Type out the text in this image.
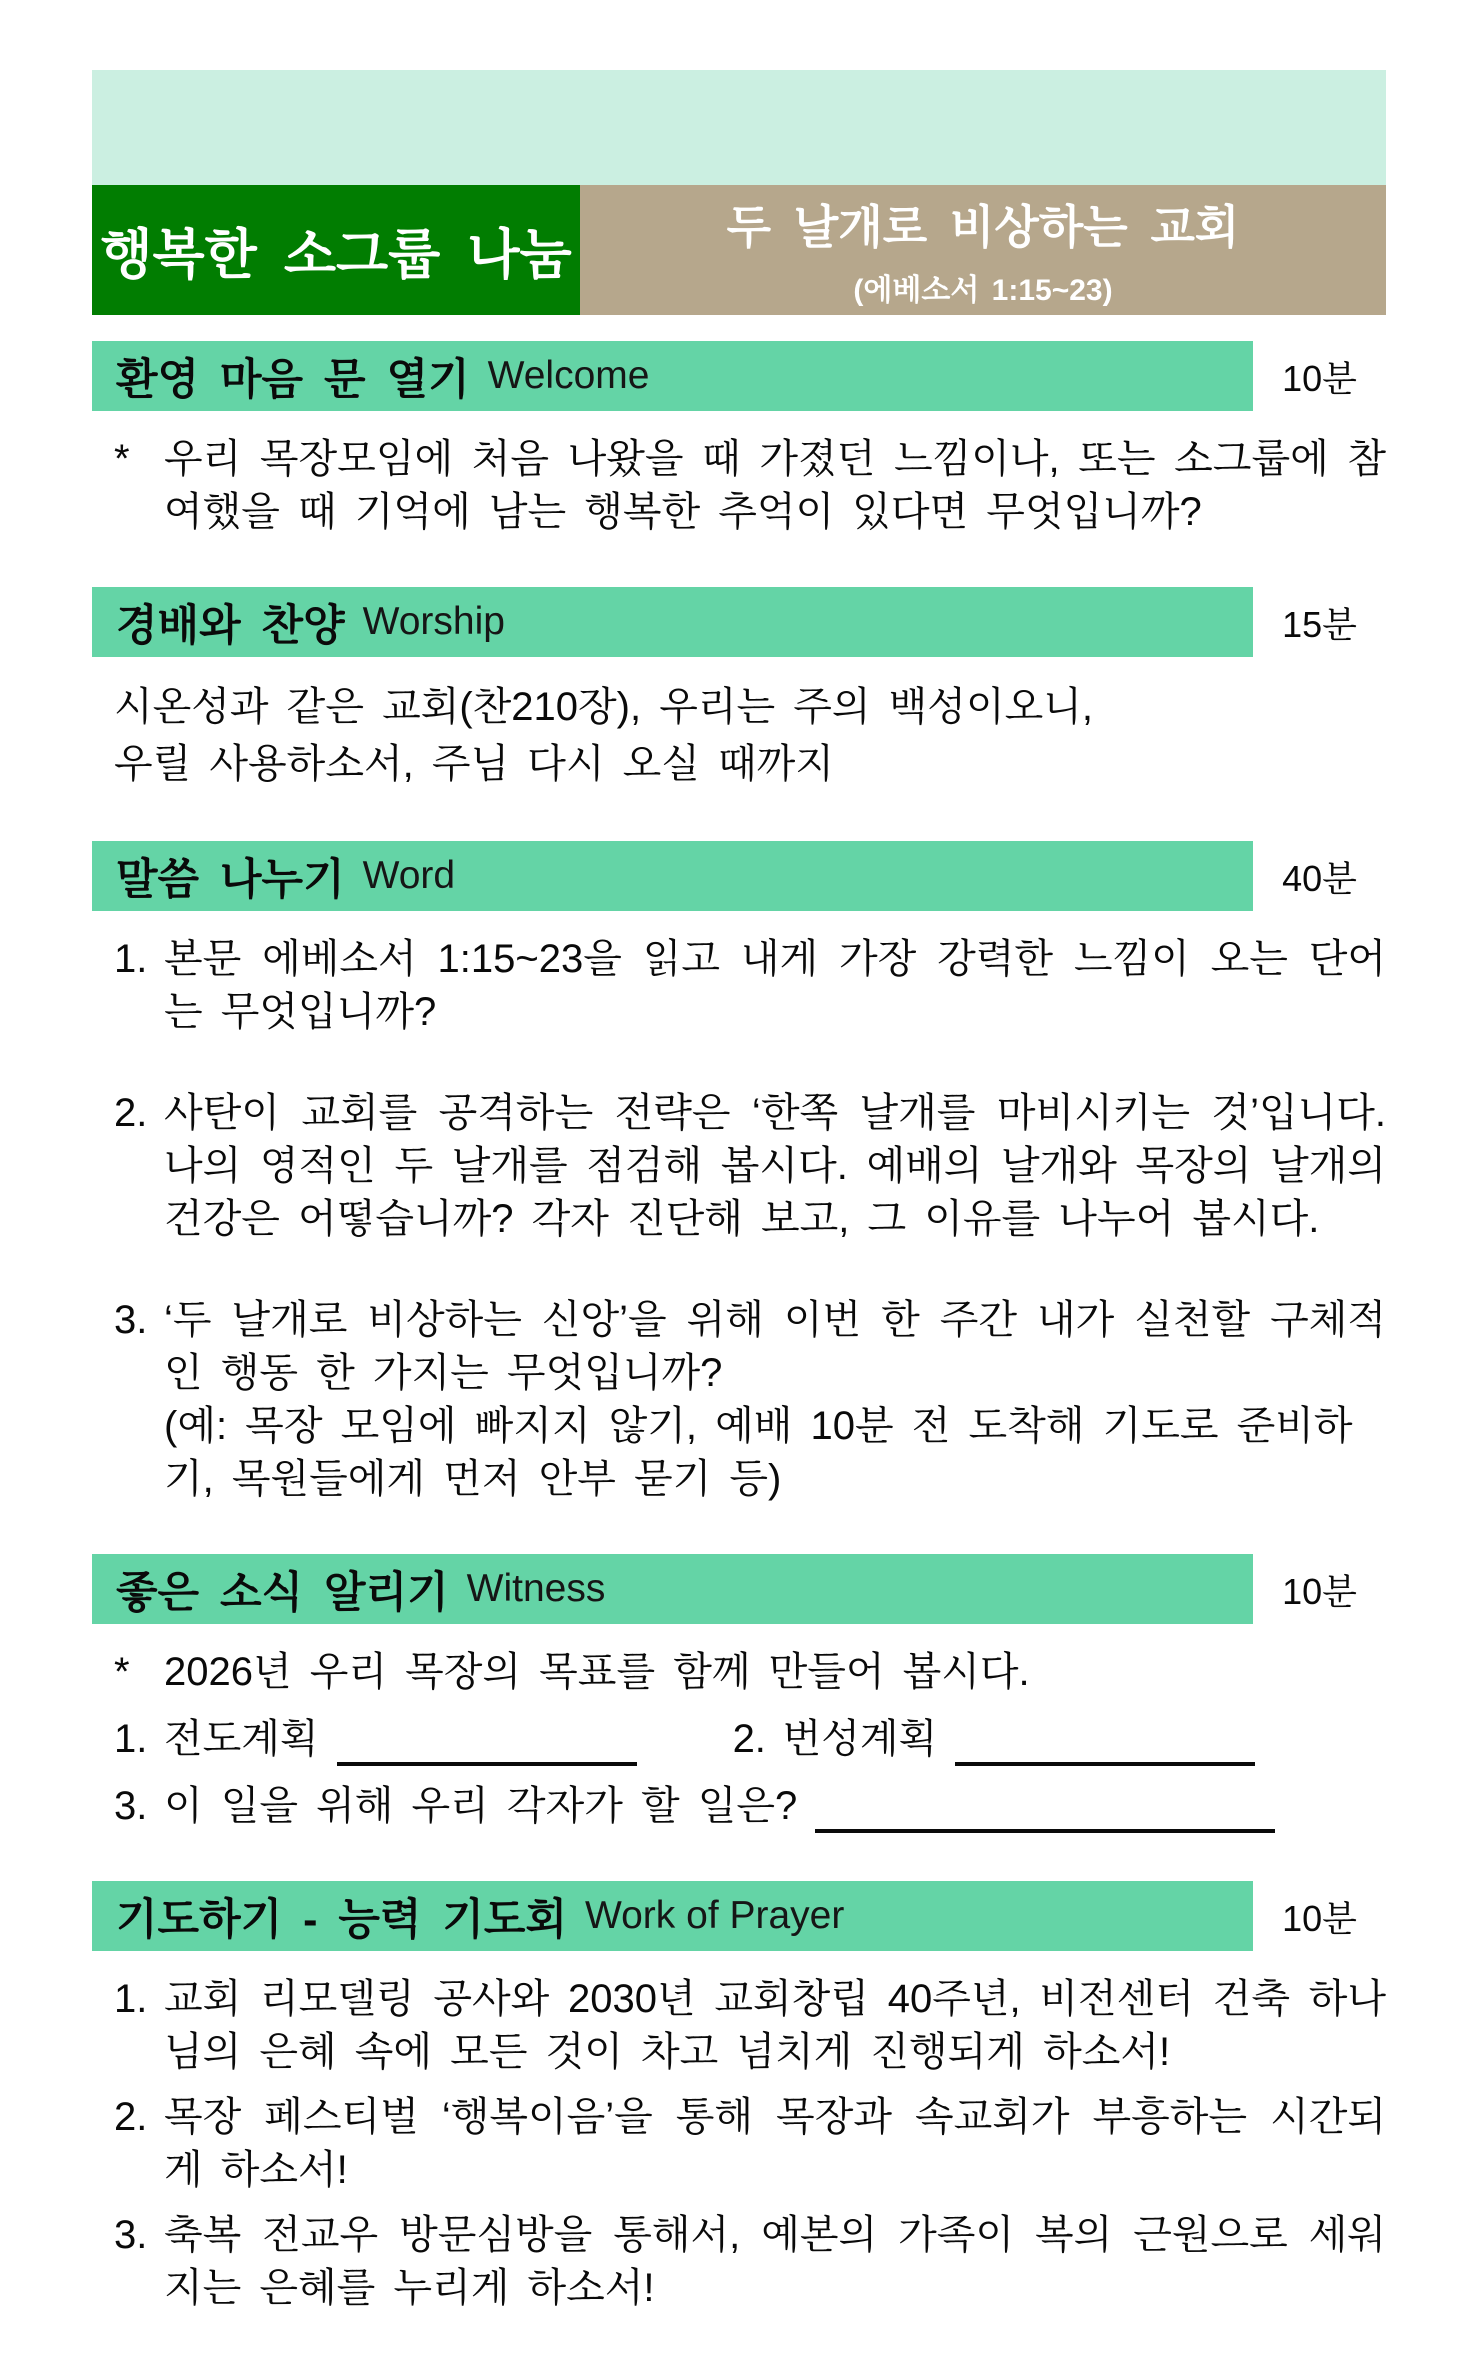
행복한 소그룹 나눔	두 날개로 비상하는 교회
(에베소서 1:15~23)
환영 마음 문 열기 Welcome	10분
* 우리 목장모임에 처음 나왔을 때 가졌던 느낌이나, 또는 소그룹에 참여했을 때 기억에 남는 행복한 추억이 있다면 무엇입니까?
경배와 찬양 Worship	15분
시온성과 같은 교회(찬210장), 우리는 주의 백성이오니,
우릴 사용하소서, 주님 다시 오실 때까지
말씀 나누기 Word	40분
1. 본문 에베소서 1:15~23을 읽고 내게 가장 강력한 느낌이 오는 단어는 무엇입니까?
2. 사탄이 교회를 공격하는 전략은 ‘한쪽 날개를 마비시키는 것’입니다. 나의 영적인 두 날개를 점검해 봅시다. 예배의 날개와 목장의 날개의 건강은 어떻습니까? 각자 진단해 보고, 그 이유를 나누어 봅시다.
3. ‘두 날개로 비상하는 신앙’을 위해 이번 한 주간 내가 실천할 구체적인 행동 한 가지는 무엇입니까?
(예: 목장 모임에 빠지지 않기, 예배 10분 전 도착해 기도로 준비하기, 목원들에게 먼저 안부 묻기 등)
좋은 소식 알리기 Witness	10분
* 2026년 우리 목장의 목표를 함께 만들어 봅시다.
1. 전도계획	2. 번성계획
3. 이 일을 위해 우리 각자가 할 일은?
기도하기 - 능력 기도회 Work of Prayer	10분
1. 교회 리모델링 공사와 2030년 교회창립 40주년, 비전센터 건축 하나님의 은혜 속에 모든 것이 차고 넘치게 진행되게 하소서!
2. 목장 페스티벌 ‘행복이음’을 통해 목장과 속교회가 부흥하는 시간되게 하소서!
3. 축복 전교우 방문심방을 통해서, 예본의 가족이 복의 근원으로 세워지는 은혜를 누리게 하소서!
